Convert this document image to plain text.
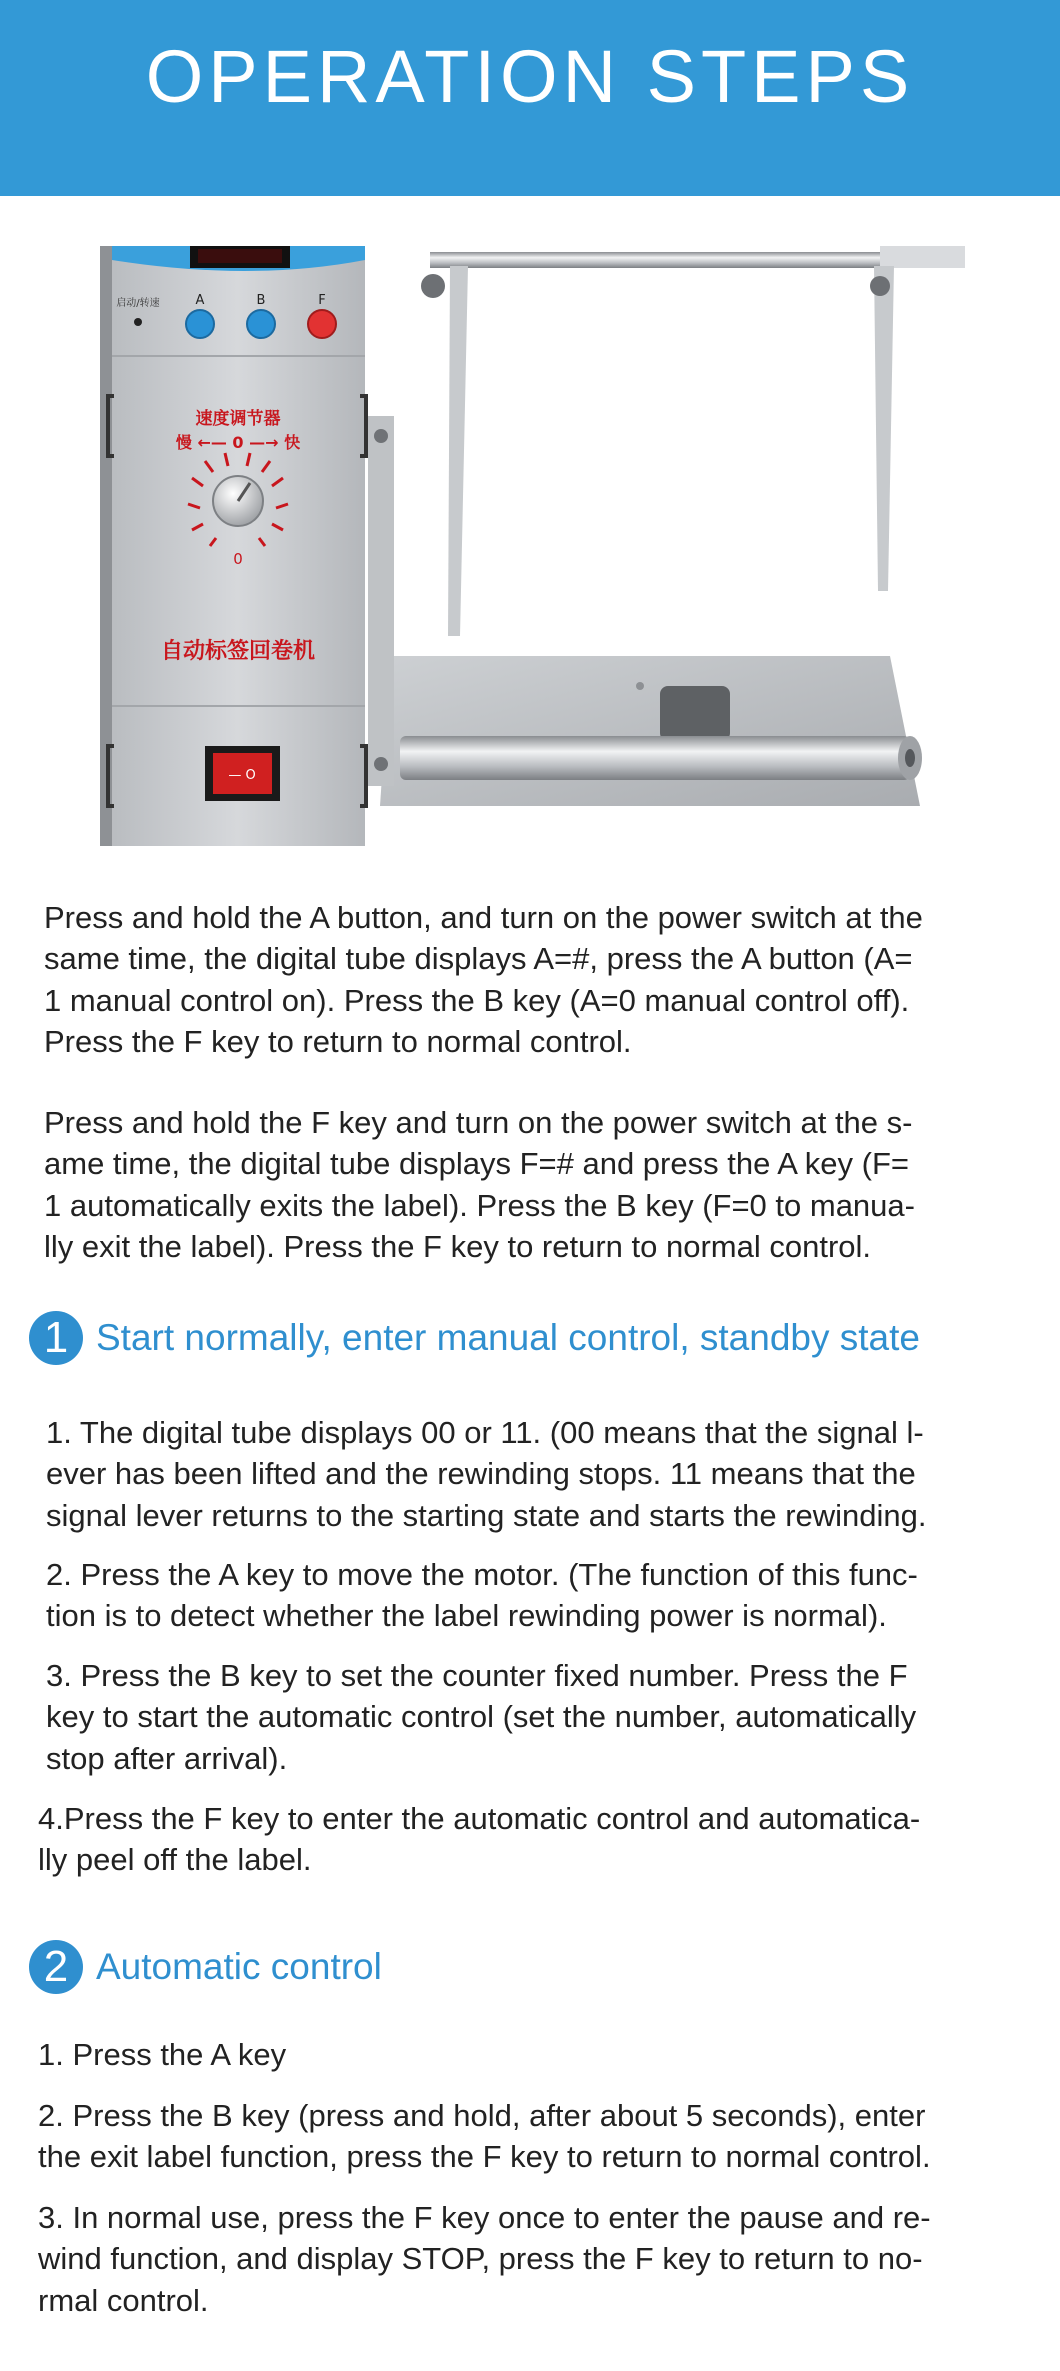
OPERATION STEPS
启动/转速	A	B	F
速度调节器
慢 ←— 0 —→ 快
0
自动标签回卷机
— O

Press and hold the A button, and turn on the power switch at the
same time, the digital tube displays A=#, press the A button (A=
1 manual control on). Press the B key (A=0 manual control off).
Press the F key to return to normal control.

Press and hold the F key and turn on the power switch at the s-
ame time, the digital tube displays F=# and press the A key (F=
1 automatically exits the label). Press the B key (F=0 to manua-
lly exit the label). Press the F key to return to normal control.

1 Start normally, enter manual control, standby state

1. The digital tube displays 00 or 11. (00 means that the signal l-
ever has been lifted and the rewinding stops. 11 means that the
signal lever returns to the starting state and starts the rewinding.

2. Press the A key to move the motor. (The function of this func-
tion is to detect whether the label rewinding power is normal).

3. Press the B key to set the counter fixed number. Press the F
key to start the automatic control (set the number, automatically
stop after arrival).

4.Press the F key to enter the automatic control and automatica-
lly peel off the label.

2 Automatic control

1. Press the A key

2. Press the B key (press and hold, after about 5 seconds), enter
the exit label function, press the F key to return to normal control.

3. In normal use, press the F key once to enter the pause and re-
wind function, and display STOP, press the F key to return to no-
rmal control.
